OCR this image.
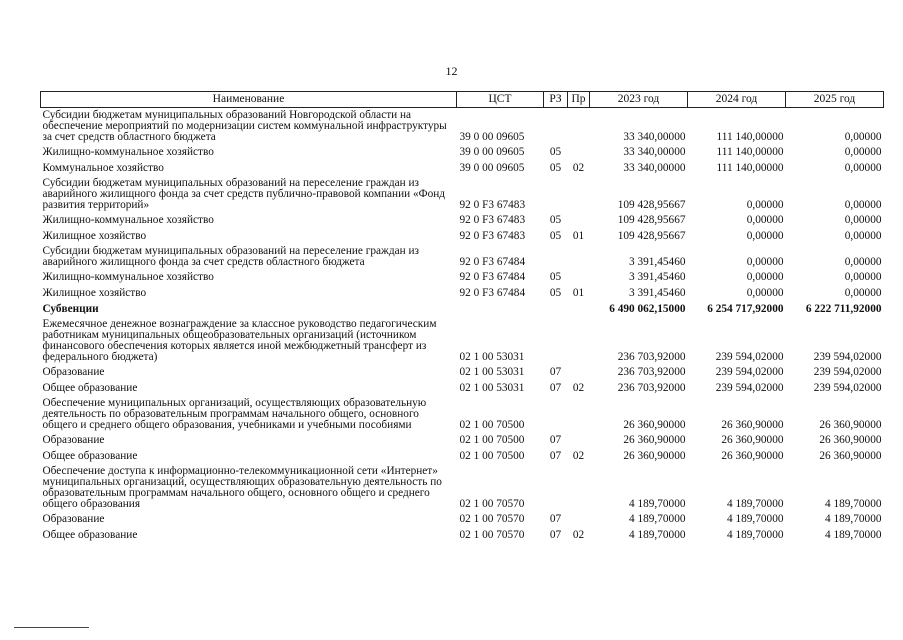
12
Наименование	ЦСТ	РЗ	Пр	2023 год	2024 год	2025 год
Субсидии бюджетам муниципальных образований Новгородской области на обеспечение мероприятий по модернизации систем коммунальной инфраструктуры за счет средств областного бюджета	39 0 00 09605			33 340,00000	111 140,00000	0,00000
Жилищно-коммунальное хозяйство	39 0 00 09605	05		33 340,00000	111 140,00000	0,00000
Коммунальное хозяйство	39 0 00 09605	05	02	33 340,00000	111 140,00000	0,00000
Субсидии бюджетам муниципальных образований на переселение граждан из аварийного жилищного фонда за счет средств публично-правовой компании «Фонд развития территорий»	92 0 F3 67483			109 428,95667	0,00000	0,00000
Жилищно-коммунальное хозяйство	92 0 F3 67483	05		109 428,95667	0,00000	0,00000
Жилищное хозяйство	92 0 F3 67483	05	01	109 428,95667	0,00000	0,00000
Субсидии бюджетам муниципальных образований на переселение граждан из аварийного жилищного фонда за счет средств областного бюджета	92 0 F3 67484			3 391,45460	0,00000	0,00000
Жилищно-коммунальное хозяйство	92 0 F3 67484	05		3 391,45460	0,00000	0,00000
Жилищное хозяйство	92 0 F3 67484	05	01	3 391,45460	0,00000	0,00000
Субвенции				6 490 062,15000	6 254 717,92000	6 222 711,92000
Ежемесячное денежное вознаграждение за классное руководство педагогическим работникам муниципальных общеобразовательных организаций (источником финансового обеспечения которых является иной межбюджетный трансферт из федерального бюджета)	02 1 00 53031			236 703,92000	239 594,02000	239 594,02000
Образование	02 1 00 53031	07		236 703,92000	239 594,02000	239 594,02000
Общее образование	02 1 00 53031	07	02	236 703,92000	239 594,02000	239 594,02000
Обеспечение муниципальных организаций, осуществляющих образовательную деятельность по образовательным программам начального общего, основного общего и среднего общего образования, учебниками и учебными пособиями	02 1 00 70500			26 360,90000	26 360,90000	26 360,90000
Образование	02 1 00 70500	07		26 360,90000	26 360,90000	26 360,90000
Общее образование	02 1 00 70500	07	02	26 360,90000	26 360,90000	26 360,90000
Обеспечение доступа к информационно-телекоммуникационной сети «Интернет» муниципальных организаций, осуществляющих образовательную деятельность по образовательным программам начального общего, основного общего и среднего общего образования	02 1 00 70570			4 189,70000	4 189,70000	4 189,70000
Образование	02 1 00 70570	07		4 189,70000	4 189,70000	4 189,70000
Общее образование	02 1 00 70570	07	02	4 189,70000	4 189,70000	4 189,70000
